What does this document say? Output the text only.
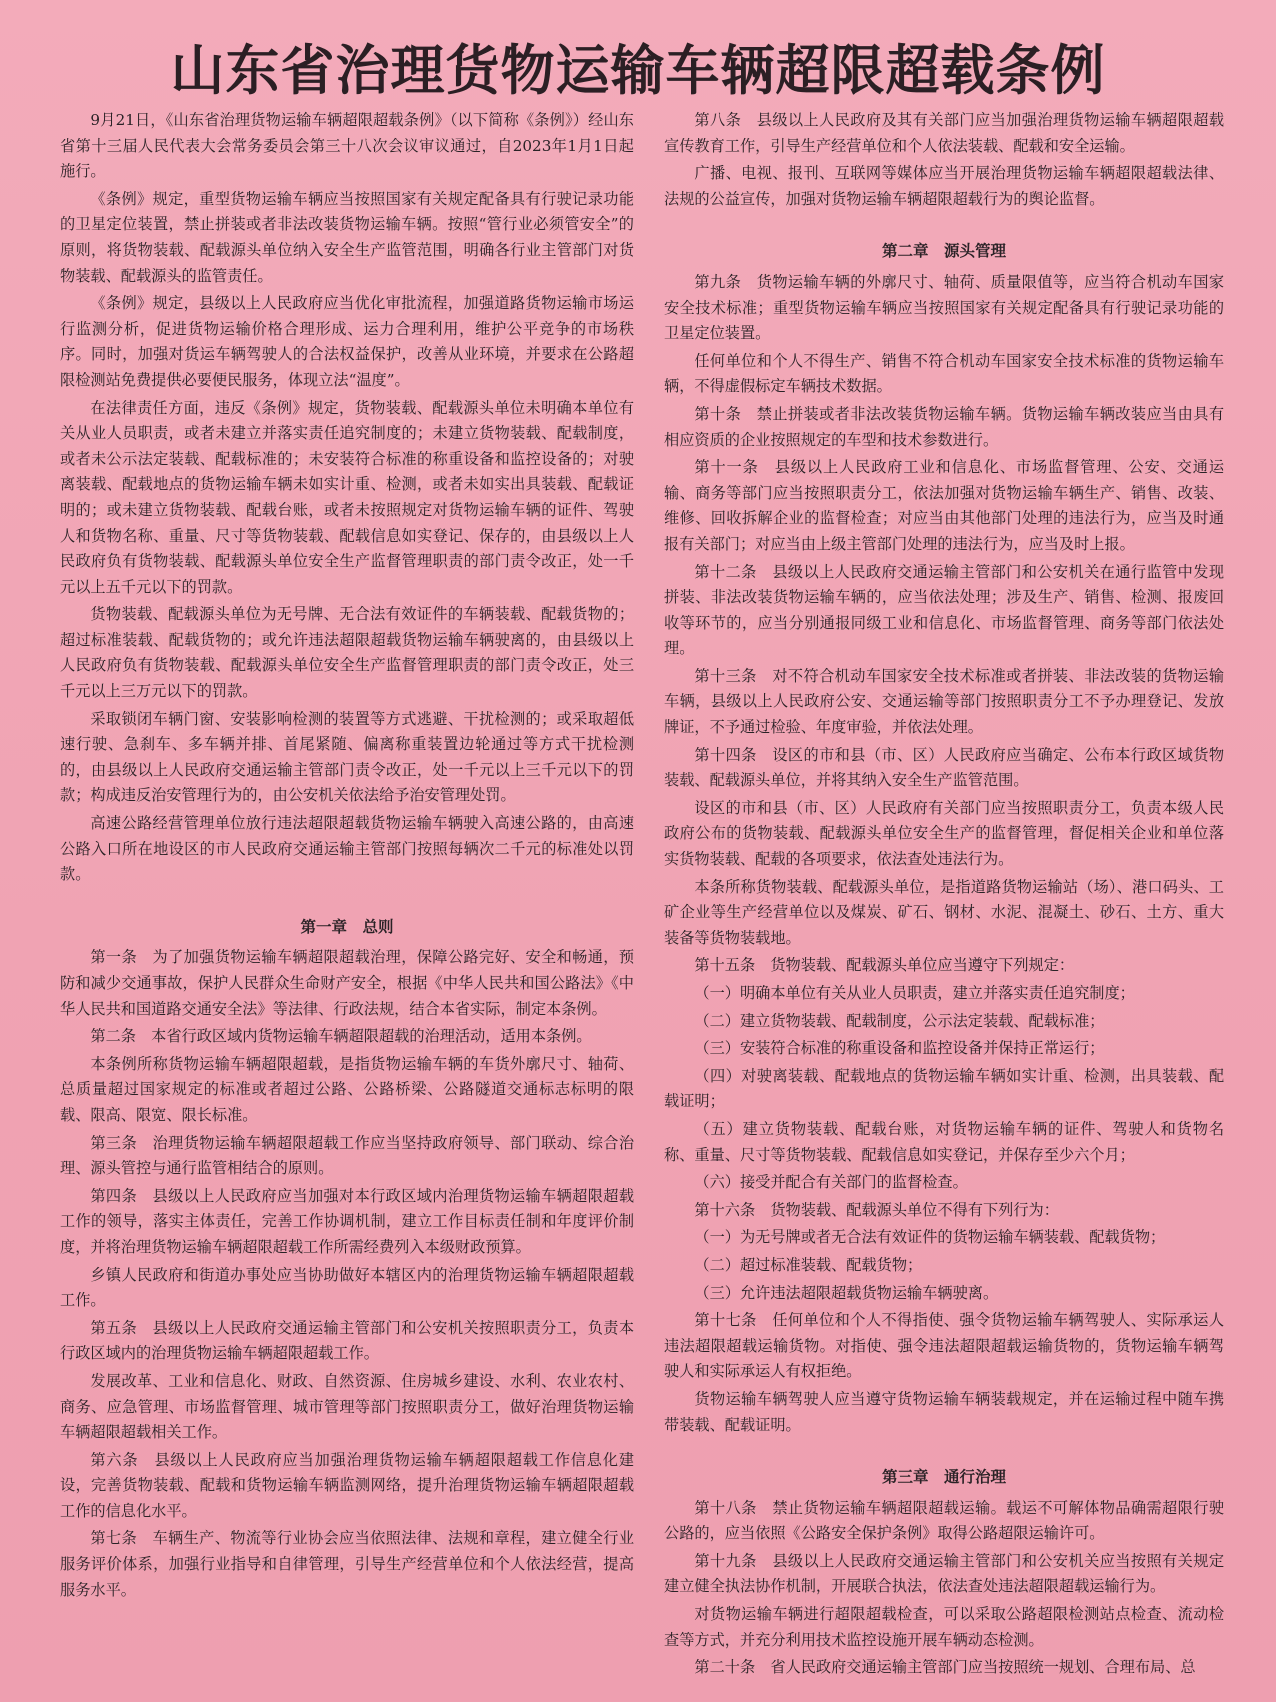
山东省治理货物运输车辆超限超载条例

9月21日，《山东省治理货物运输车辆超限超载条例》（以下简称《条例》）经山东省第十三届人民代表大会常务委员会第三十八次会议审议通过，自2023年1月1日起施行。

《条例》规定，重型货物运输车辆应当按照国家有关规定配备具有行驶记录功能的卫星定位装置，禁止拼装或者非法改装货物运输车辆。按照“管行业必须管安全”的原则，将货物装载、配载源头单位纳入安全生产监管范围，明确各行业主管部门对货物装载、配载源头的监管责任。

《条例》规定，县级以上人民政府应当优化审批流程，加强道路货物运输市场运行监测分析，促进货物运输价格合理形成、运力合理利用，维护公平竞争的市场秩序。同时，加强对货运车辆驾驶人的合法权益保护，改善从业环境，并要求在公路超限检测站免费提供必要便民服务，体现立法“温度”。

在法律责任方面，违反《条例》规定，货物装载、配载源头单位未明确本单位有关从业人员职责，或者未建立并落实责任追究制度的；未建立货物装载、配载制度，或者未公示法定装载、配载标准的；未安装符合标准的称重设备和监控设备的；对驶离装载、配载地点的货物运输车辆未如实计重、检测，或者未如实出具装载、配载证明的；或未建立货物装载、配载台账，或者未按照规定对货物运输车辆的证件、驾驶人和货物名称、重量、尺寸等货物装载、配载信息如实登记、保存的，由县级以上人民政府负有货物装载、配载源头单位安全生产监督管理职责的部门责令改正，处一千元以上五千元以下的罚款。

货物装载、配载源头单位为无号牌、无合法有效证件的车辆装载、配载货物的；超过标准装载、配载货物的；或允许违法超限超载货物运输车辆驶离的，由县级以上人民政府负有货物装载、配载源头单位安全生产监督管理职责的部门责令改正，处三千元以上三万元以下的罚款。

采取锁闭车辆门窗、安装影响检测的装置等方式逃避、干扰检测的；或采取超低速行驶、急刹车、多车辆并排、首尾紧随、偏离称重装置边轮通过等方式干扰检测的，由县级以上人民政府交通运输主管部门责令改正，处一千元以上三千元以下的罚款；构成违反治安管理行为的，由公安机关依法给予治安管理处罚。

高速公路经营管理单位放行违法超限超载货物运输车辆驶入高速公路的，由高速公路入口所在地设区的市人民政府交通运输主管部门按照每辆次二千元的标准处以罚款。

第一章　总则

第一条　为了加强货物运输车辆超限超载治理，保障公路完好、安全和畅通，预防和减少交通事故，保护人民群众生命财产安全，根据《中华人民共和国公路法》《中华人民共和国道路交通安全法》等法律、行政法规，结合本省实际，制定本条例。

第二条　本省行政区域内货物运输车辆超限超载的治理活动，适用本条例。

本条例所称货物运输车辆超限超载，是指货物运输车辆的车货外廓尺寸、轴荷、总质量超过国家规定的标准或者超过公路、公路桥梁、公路隧道交通标志标明的限载、限高、限宽、限长标准。

第三条　治理货物运输车辆超限超载工作应当坚持政府领导、部门联动、综合治理、源头管控与通行监管相结合的原则。

第四条　县级以上人民政府应当加强对本行政区域内治理货物运输车辆超限超载工作的领导，落实主体责任，完善工作协调机制，建立工作目标责任制和年度评价制度，并将治理货物运输车辆超限超载工作所需经费列入本级财政预算。

乡镇人民政府和街道办事处应当协助做好本辖区内的治理货物运输车辆超限超载工作。

第五条　县级以上人民政府交通运输主管部门和公安机关按照职责分工，负责本行政区域内的治理货物运输车辆超限超载工作。

发展改革、工业和信息化、财政、自然资源、住房城乡建设、水利、农业农村、商务、应急管理、市场监督管理、城市管理等部门按照职责分工，做好治理货物运输车辆超限超载相关工作。

第六条　县级以上人民政府应当加强治理货物运输车辆超限超载工作信息化建设，完善货物装载、配载和货物运输车辆监测网络，提升治理货物运输车辆超限超载工作的信息化水平。

第七条　车辆生产、物流等行业协会应当依照法律、法规和章程，建立健全行业服务评价体系，加强行业指导和自律管理，引导生产经营单位和个人依法经营，提高服务水平。

第八条　县级以上人民政府及其有关部门应当加强治理货物运输车辆超限超载宣传教育工作，引导生产经营单位和个人依法装载、配载和安全运输。

广播、电视、报刊、互联网等媒体应当开展治理货物运输车辆超限超载法律、法规的公益宣传，加强对货物运输车辆超限超载行为的舆论监督。

第二章　源头管理

第九条　货物运输车辆的外廓尺寸、轴荷、质量限值等，应当符合机动车国家安全技术标准；重型货物运输车辆应当按照国家有关规定配备具有行驶记录功能的卫星定位装置。

任何单位和个人不得生产、销售不符合机动车国家安全技术标准的货物运输车辆，不得虚假标定车辆技术数据。

第十条　禁止拼装或者非法改装货物运输车辆。货物运输车辆改装应当由具有相应资质的企业按照规定的车型和技术参数进行。

第十一条　县级以上人民政府工业和信息化、市场监督管理、公安、交通运输、商务等部门应当按照职责分工，依法加强对货物运输车辆生产、销售、改装、维修、回收拆解企业的监督检查；对应当由其他部门处理的违法行为，应当及时通报有关部门；对应当由上级主管部门处理的违法行为，应当及时上报。

第十二条　县级以上人民政府交通运输主管部门和公安机关在通行监管中发现拼装、非法改装货物运输车辆的，应当依法处理；涉及生产、销售、检测、报废回收等环节的，应当分别通报同级工业和信息化、市场监督管理、商务等部门依法处理。

第十三条　对不符合机动车国家安全技术标准或者拼装、非法改装的货物运输车辆，县级以上人民政府公安、交通运输等部门按照职责分工不予办理登记、发放牌证，不予通过检验、年度审验，并依法处理。

第十四条　设区的市和县（市、区）人民政府应当确定、公布本行政区域货物装载、配载源头单位，并将其纳入安全生产监管范围。

设区的市和县（市、区）人民政府有关部门应当按照职责分工，负责本级人民政府公布的货物装载、配载源头单位安全生产的监督管理，督促相关企业和单位落实货物装载、配载的各项要求，依法查处违法行为。

本条所称货物装载、配载源头单位，是指道路货物运输站（场）、港口码头、工矿企业等生产经营单位以及煤炭、矿石、钢材、水泥、混凝土、砂石、土方、重大装备等货物装载地。

第十五条　货物装载、配载源头单位应当遵守下列规定：

（一）明确本单位有关从业人员职责，建立并落实责任追究制度；

（二）建立货物装载、配载制度，公示法定装载、配载标准；

（三）安装符合标准的称重设备和监控设备并保持正常运行；

（四）对驶离装载、配载地点的货物运输车辆如实计重、检测，出具装载、配载证明；

（五）建立货物装载、配载台账，对货物运输车辆的证件、驾驶人和货物名称、重量、尺寸等货物装载、配载信息如实登记，并保存至少六个月；

（六）接受并配合有关部门的监督检查。

第十六条　货物装载、配载源头单位不得有下列行为：

（一）为无号牌或者无合法有效证件的货物运输车辆装载、配载货物；

（二）超过标准装载、配载货物；

（三）允许违法超限超载货物运输车辆驶离。

第十七条　任何单位和个人不得指使、强令货物运输车辆驾驶人、实际承运人违法超限超载运输货物。对指使、强令违法超限超载运输货物的，货物运输车辆驾驶人和实际承运人有权拒绝。

货物运输车辆驾驶人应当遵守货物运输车辆装载规定，并在运输过程中随车携带装载、配载证明。

第三章　通行治理

第十八条　禁止货物运输车辆超限超载运输。载运不可解体物品确需超限行驶公路的，应当依照《公路安全保护条例》取得公路超限运输许可。

第十九条　县级以上人民政府交通运输主管部门和公安机关应当按照有关规定建立健全执法协作机制，开展联合执法，依法查处违法超限超载运输行为。

对货物运输车辆进行超限超载检查，可以采取公路超限检测站点检查、流动检查等方式，并充分利用技术监控设施开展车辆动态检测。

第二十条　省人民政府交通运输主管部门应当按照统一规划、合理布局、总
